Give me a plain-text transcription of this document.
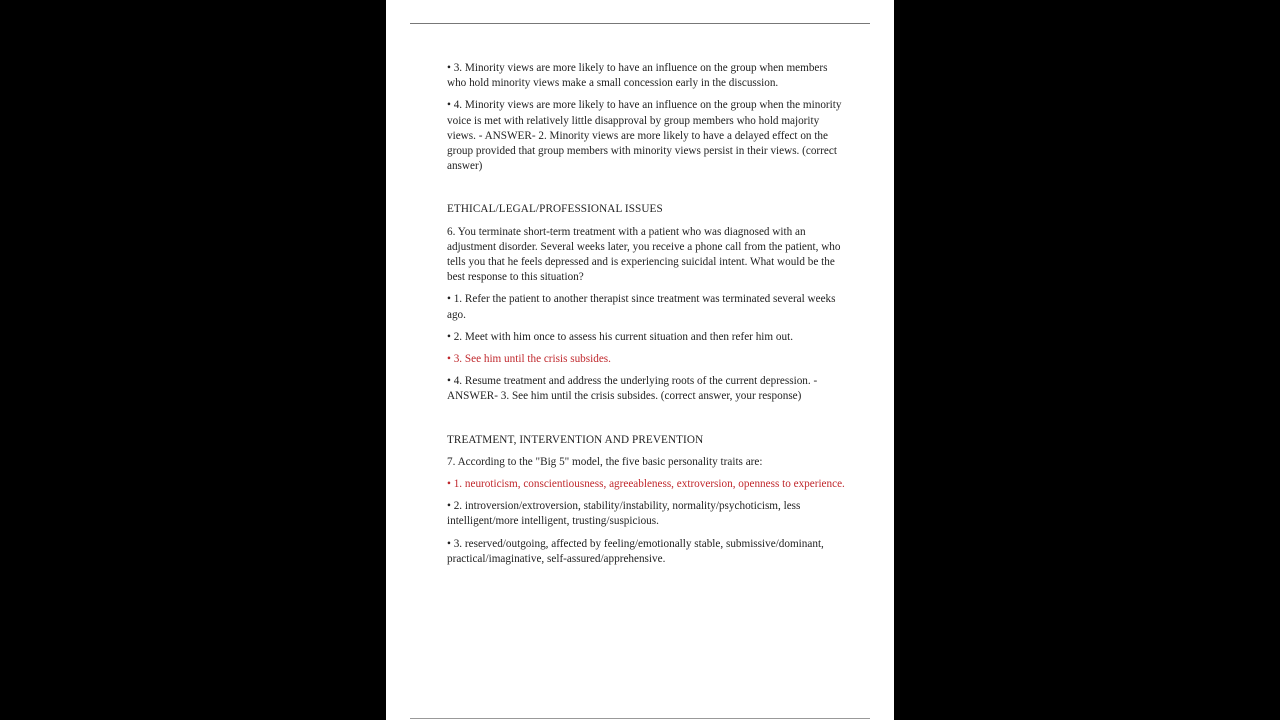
• 3. Minority views are more likely to have an influence on the group when members who hold minority views make a small concession early in the discussion.

• 4. Minority views are more likely to have an influence on the group when the minority voice is met with relatively little disapproval by group members who hold majority views. - ANSWER- 2. Minority views are more likely to have a delayed effect on the group provided that group members with minority views persist in their views. (correct answer)

ETHICAL/LEGAL/PROFESSIONAL ISSUES

6. You terminate short-term treatment with a patient who was diagnosed with an adjustment disorder. Several weeks later, you receive a phone call from the patient, who tells you that he feels depressed and is experiencing suicidal intent. What would be the best response to this situation?

• 1. Refer the patient to another therapist since treatment was terminated several weeks ago.

• 2. Meet with him once to assess his current situation and then refer him out.

• 3. See him until the crisis subsides.

• 4. Resume treatment and address the underlying roots of the current depression. - ANSWER- 3. See him until the crisis subsides. (correct answer, your response)

TREATMENT, INTERVENTION AND PREVENTION

7. According to the "Big 5" model, the five basic personality traits are:

• 1. neuroticism, conscientiousness, agreeableness, extroversion, openness to experience.

• 2. introversion/extroversion, stability/instability, normality/psychoticism, less intelligent/more intelligent, trusting/suspicious.

• 3. reserved/outgoing, affected by feeling/emotionally stable, submissive/dominant, practical/imaginative, self-assured/apprehensive.
